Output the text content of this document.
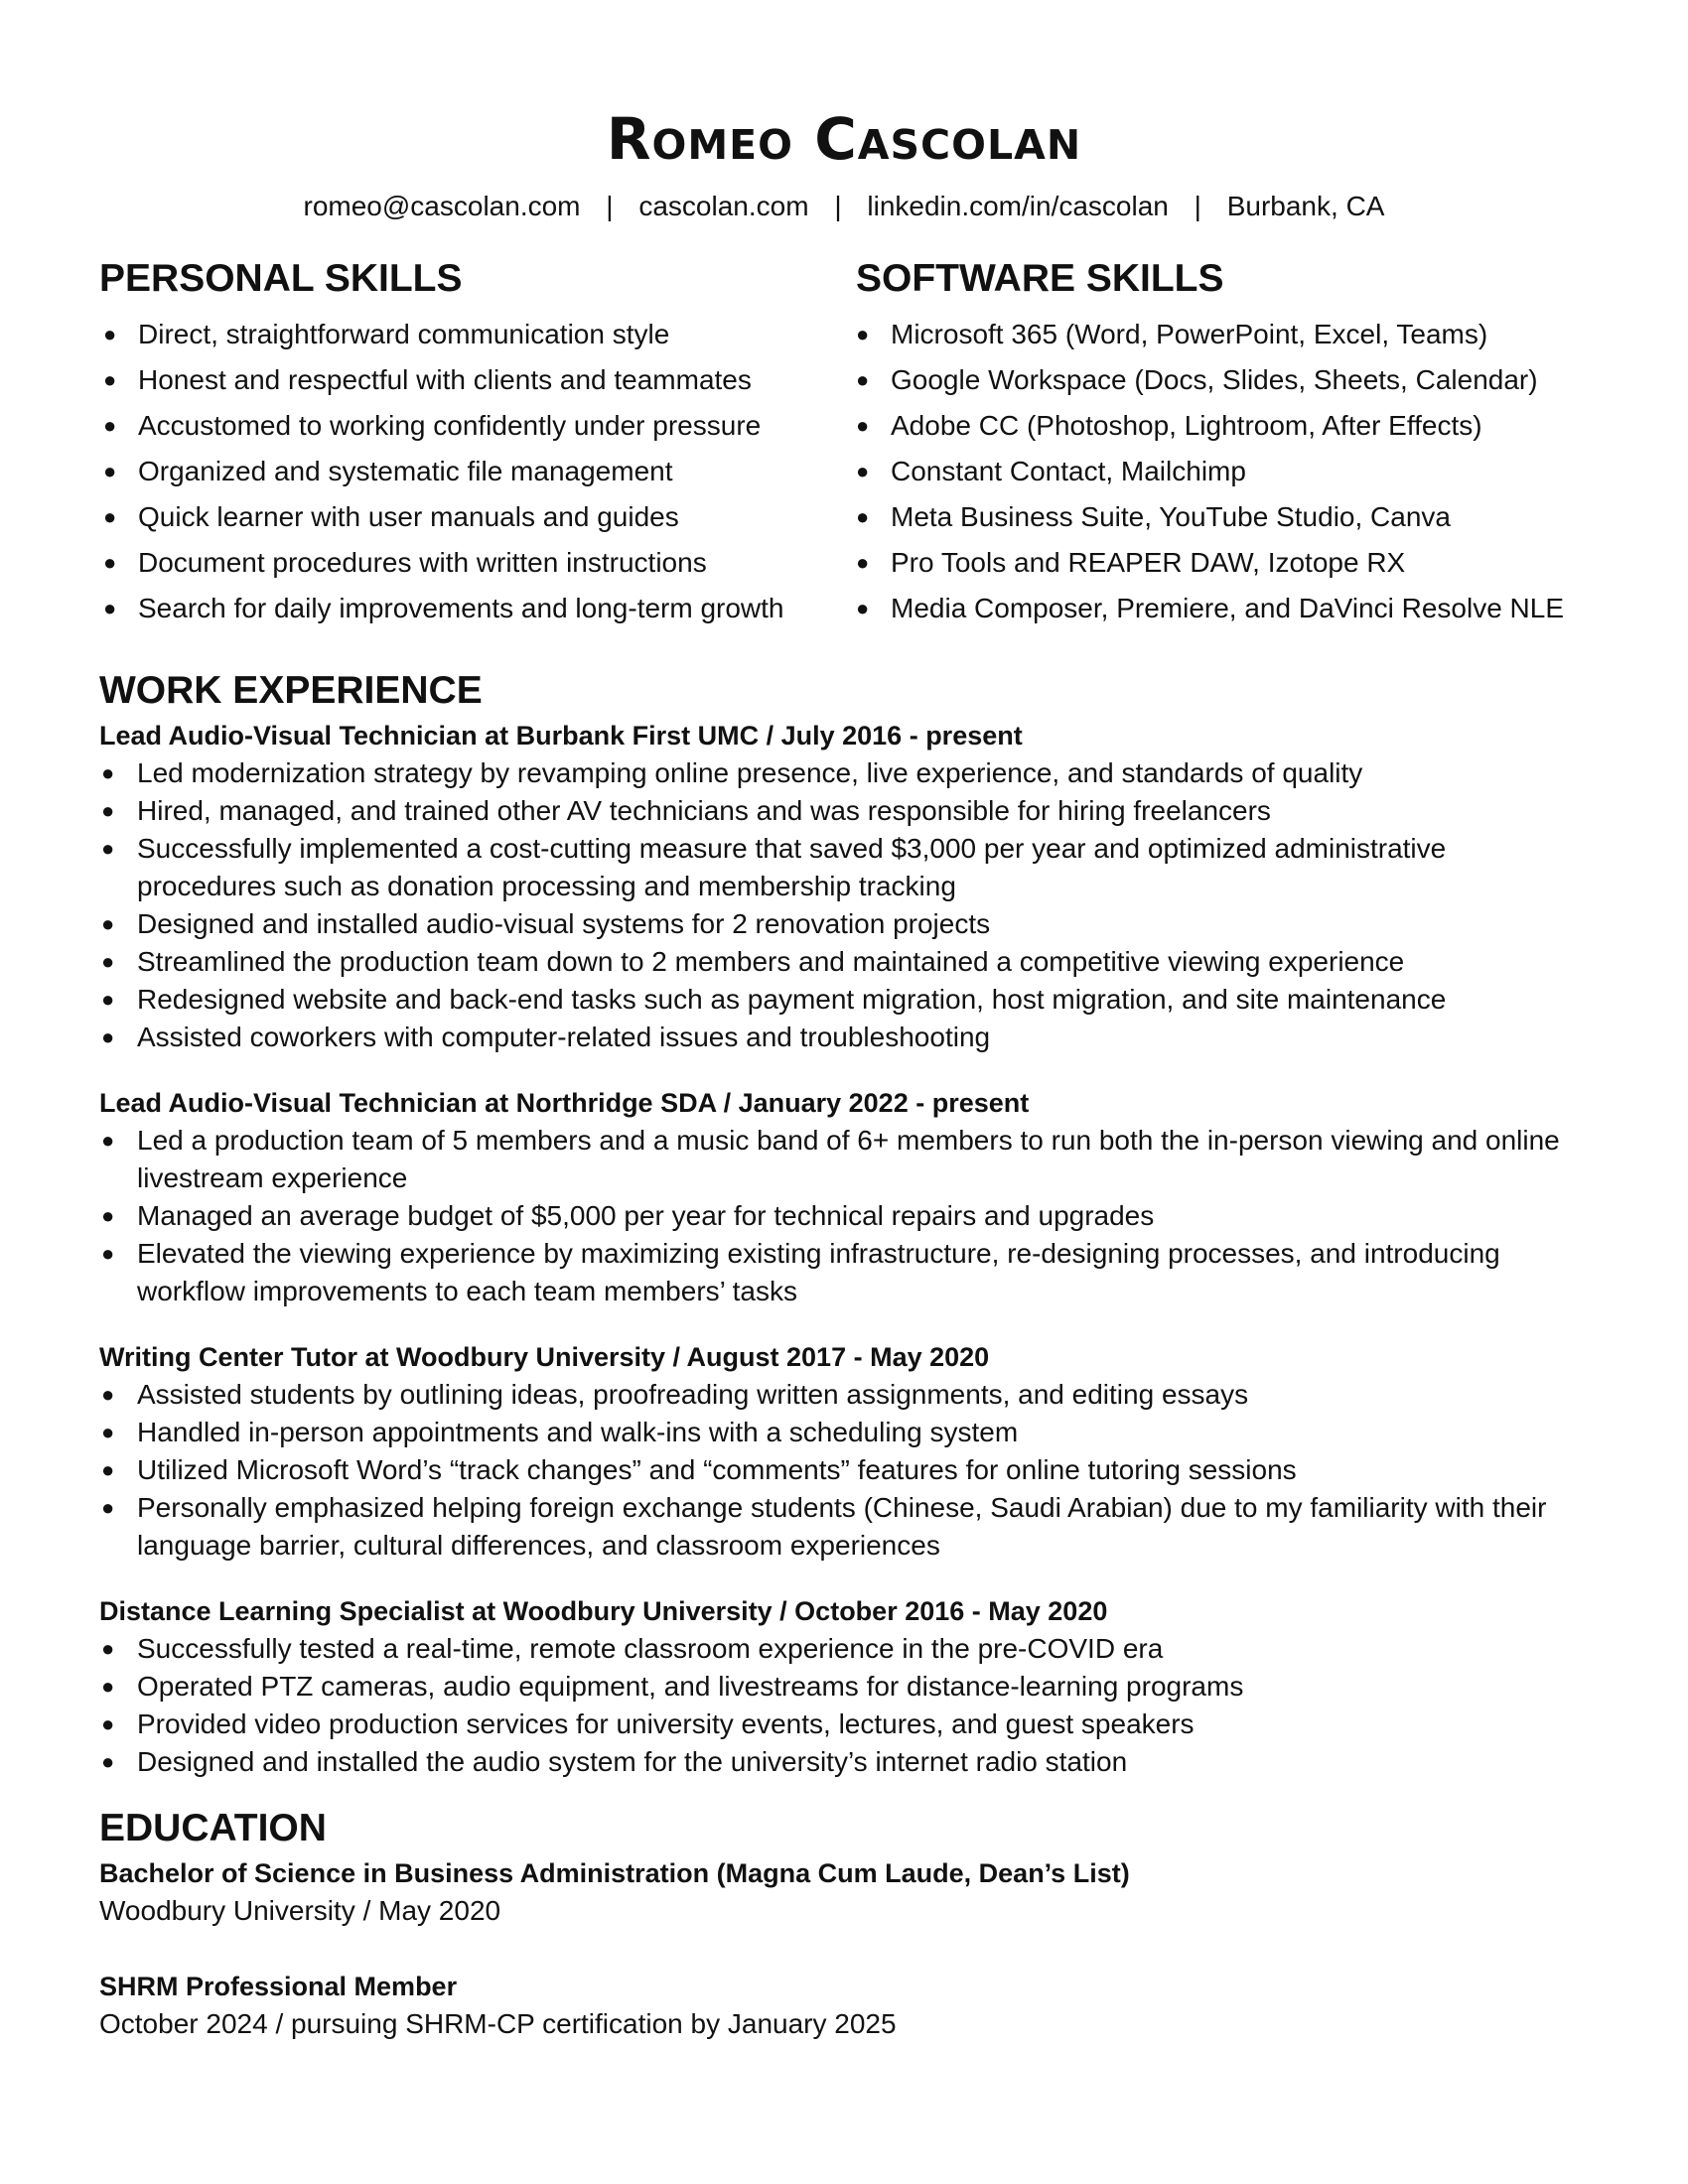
Romeo Cascolan
romeo@cascolan.com | cascolan.com | linkedin.com/in/cascolan | Burbank, CA
PERSONAL SKILLS
● Direct, straightforward communication style
● Honest and respectful with clients and teammates
● Accustomed to working confidently under pressure
● Organized and systematic file management
● Quick learner with user manuals and guides
● Document procedures with written instructions
● Search for daily improvements and long-term growth
SOFTWARE SKILLS
● Microsoft 365 (Word, PowerPoint, Excel, Teams)
● Google Workspace (Docs, Slides, Sheets, Calendar)
● Adobe CC (Photoshop, Lightroom, After Effects)
● Constant Contact, Mailchimp
● Meta Business Suite, YouTube Studio, Canva
● Pro Tools and REAPER DAW, Izotope RX
● Media Composer, Premiere, and DaVinci Resolve NLE
WORK EXPERIENCE
Lead Audio-Visual Technician at Burbank First UMC / July 2016 - present
● Led modernization strategy by revamping online presence, live experience, and standards of quality
● Hired, managed, and trained other AV technicians and was responsible for hiring freelancers
● Successfully implemented a cost-cutting measure that saved $3,000 per year and optimized administrative procedures such as donation processing and membership tracking
● Designed and installed audio-visual systems for 2 renovation projects
● Streamlined the production team down to 2 members and maintained a competitive viewing experience
● Redesigned website and back-end tasks such as payment migration, host migration, and site maintenance
● Assisted coworkers with computer-related issues and troubleshooting
Lead Audio-Visual Technician at Northridge SDA / January 2022 - present
● Led a production team of 5 members and a music band of 6+ members to run both the in-person viewing and online livestream experience
● Managed an average budget of $5,000 per year for technical repairs and upgrades
● Elevated the viewing experience by maximizing existing infrastructure, re-designing processes, and introducing workflow improvements to each team members’ tasks
Writing Center Tutor at Woodbury University / August 2017 - May 2020
● Assisted students by outlining ideas, proofreading written assignments, and editing essays
● Handled in-person appointments and walk-ins with a scheduling system
● Utilized Microsoft Word’s “track changes” and “comments” features for online tutoring sessions
● Personally emphasized helping foreign exchange students (Chinese, Saudi Arabian) due to my familiarity with their language barrier, cultural differences, and classroom experiences
Distance Learning Specialist at Woodbury University / October 2016 - May 2020
● Successfully tested a real-time, remote classroom experience in the pre-COVID era
● Operated PTZ cameras, audio equipment, and livestreams for distance-learning programs
● Provided video production services for university events, lectures, and guest speakers
● Designed and installed the audio system for the university’s internet radio station
EDUCATION
Bachelor of Science in Business Administration (Magna Cum Laude, Dean’s List)
Woodbury University / May 2020
SHRM Professional Member
October 2024 / pursuing SHRM-CP certification by January 2025
